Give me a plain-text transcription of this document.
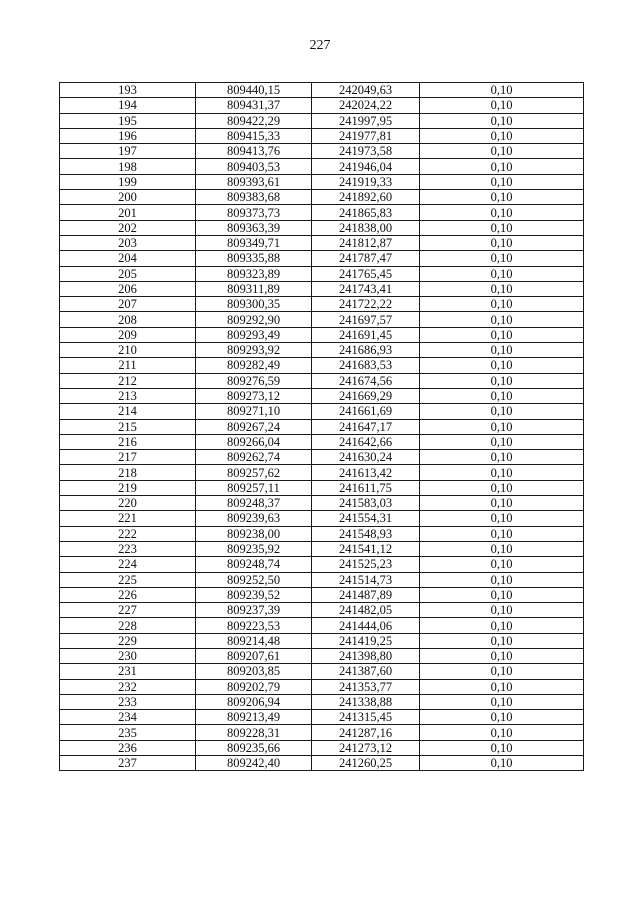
227
193	809440,15	242049,63	0,10
194	809431,37	242024,22	0,10
195	809422,29	241997,95	0,10
196	809415,33	241977,81	0,10
197	809413,76	241973,58	0,10
198	809403,53	241946,04	0,10
199	809393,61	241919,33	0,10
200	809383,68	241892,60	0,10
201	809373,73	241865,83	0,10
202	809363,39	241838,00	0,10
203	809349,71	241812,87	0,10
204	809335,88	241787,47	0,10
205	809323,89	241765,45	0,10
206	809311,89	241743,41	0,10
207	809300,35	241722,22	0,10
208	809292,90	241697,57	0,10
209	809293,49	241691,45	0,10
210	809293,92	241686,93	0,10
211	809282,49	241683,53	0,10
212	809276,59	241674,56	0,10
213	809273,12	241669,29	0,10
214	809271,10	241661,69	0,10
215	809267,24	241647,17	0,10
216	809266,04	241642,66	0,10
217	809262,74	241630,24	0,10
218	809257,62	241613,42	0,10
219	809257,11	241611,75	0,10
220	809248,37	241583,03	0,10
221	809239,63	241554,31	0,10
222	809238,00	241548,93	0,10
223	809235,92	241541,12	0,10
224	809248,74	241525,23	0,10
225	809252,50	241514,73	0,10
226	809239,52	241487,89	0,10
227	809237,39	241482,05	0,10
228	809223,53	241444,06	0,10
229	809214,48	241419,25	0,10
230	809207,61	241398,80	0,10
231	809203,85	241387,60	0,10
232	809202,79	241353,77	0,10
233	809206,94	241338,88	0,10
234	809213,49	241315,45	0,10
235	809228,31	241287,16	0,10
236	809235,66	241273,12	0,10
237	809242,40	241260,25	0,10
